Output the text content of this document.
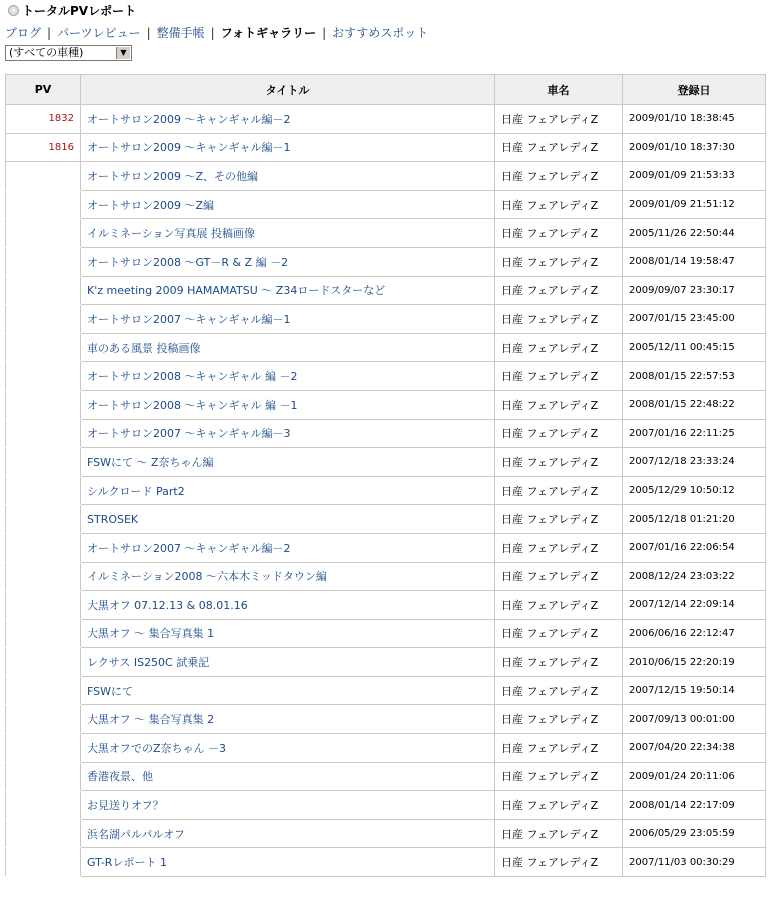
トータルPVレポート
ブログ | パーツレビュー | 整備手帳 | フォトギャラリー | おすすめスポット
(すべての車種)	▼
PV	タイトル	車名	登録日
1832	オートサロン2009 ～キャンギャル編－2	日産 フェアレディZ	2009/01/10 18:38:45
1816	オートサロン2009 ～キャンギャル編－1	日産 フェアレディZ	2009/01/10 18:37:30
	オートサロン2009 ～Z、その他編	日産 フェアレディZ	2009/01/09 21:53:33
	オートサロン2009 ～Z編	日産 フェアレディZ	2009/01/09 21:51:12
	イルミネーション写真展 投稿画像	日産 フェアレディZ	2005/11/26 22:50:44
	オートサロン2008 ～GT－R & Z 編 －2	日産 フェアレディZ	2008/01/14 19:58:47
	K'z meeting 2009 HAMAMATSU ～ Z34ロードスターなど	日産 フェアレディZ	2009/09/07 23:30:17
	オートサロン2007 ～キャンギャル編－1	日産 フェアレディZ	2007/01/15 23:45:00
	車のある風景 投稿画像	日産 フェアレディZ	2005/12/11 00:45:15
	オートサロン2008 ～キャンギャル 編 －2	日産 フェアレディZ	2008/01/15 22:57:53
	オートサロン2008 ～キャンギャル 編 －1	日産 フェアレディZ	2008/01/15 22:48:22
	オートサロン2007 ～キャンギャル編－3	日産 フェアレディZ	2007/01/16 22:11:25
	FSWにて ～ Z奈ちゃん編	日産 フェアレディZ	2007/12/18 23:33:24
	シルクロード Part2	日産 フェアレディZ	2005/12/29 10:50:12
	STROSEK	日産 フェアレディZ	2005/12/18 01:21:20
	オートサロン2007 ～キャンギャル編－2	日産 フェアレディZ	2007/01/16 22:06:54
	イルミネーション2008 ～六本木ミッドタウン編	日産 フェアレディZ	2008/12/24 23:03:22
	大黒オフ 07.12.13 & 08.01.16	日産 フェアレディZ	2007/12/14 22:09:14
	大黒オフ ～ 集合写真集 1	日産 フェアレディZ	2006/06/16 22:12:47
	レクサス IS250C 試乗記	日産 フェアレディZ	2010/06/15 22:20:19
	FSWにて	日産 フェアレディZ	2007/12/15 19:50:14
	大黒オフ ～ 集合写真集 2	日産 フェアレディZ	2007/09/13 00:01:00
	大黒オフでのZ奈ちゃん －3	日産 フェアレディZ	2007/04/20 22:34:38
	香港夜景、他	日産 フェアレディZ	2009/01/24 20:11:06
	お見送りオフ？	日産 フェアレディZ	2008/01/14 22:17:09
	浜名湖パルパルオフ	日産 フェアレディZ	2006/05/29 23:05:59
	GT-Rレポート 1	日産 フェアレディZ	2007/11/03 00:30:29
